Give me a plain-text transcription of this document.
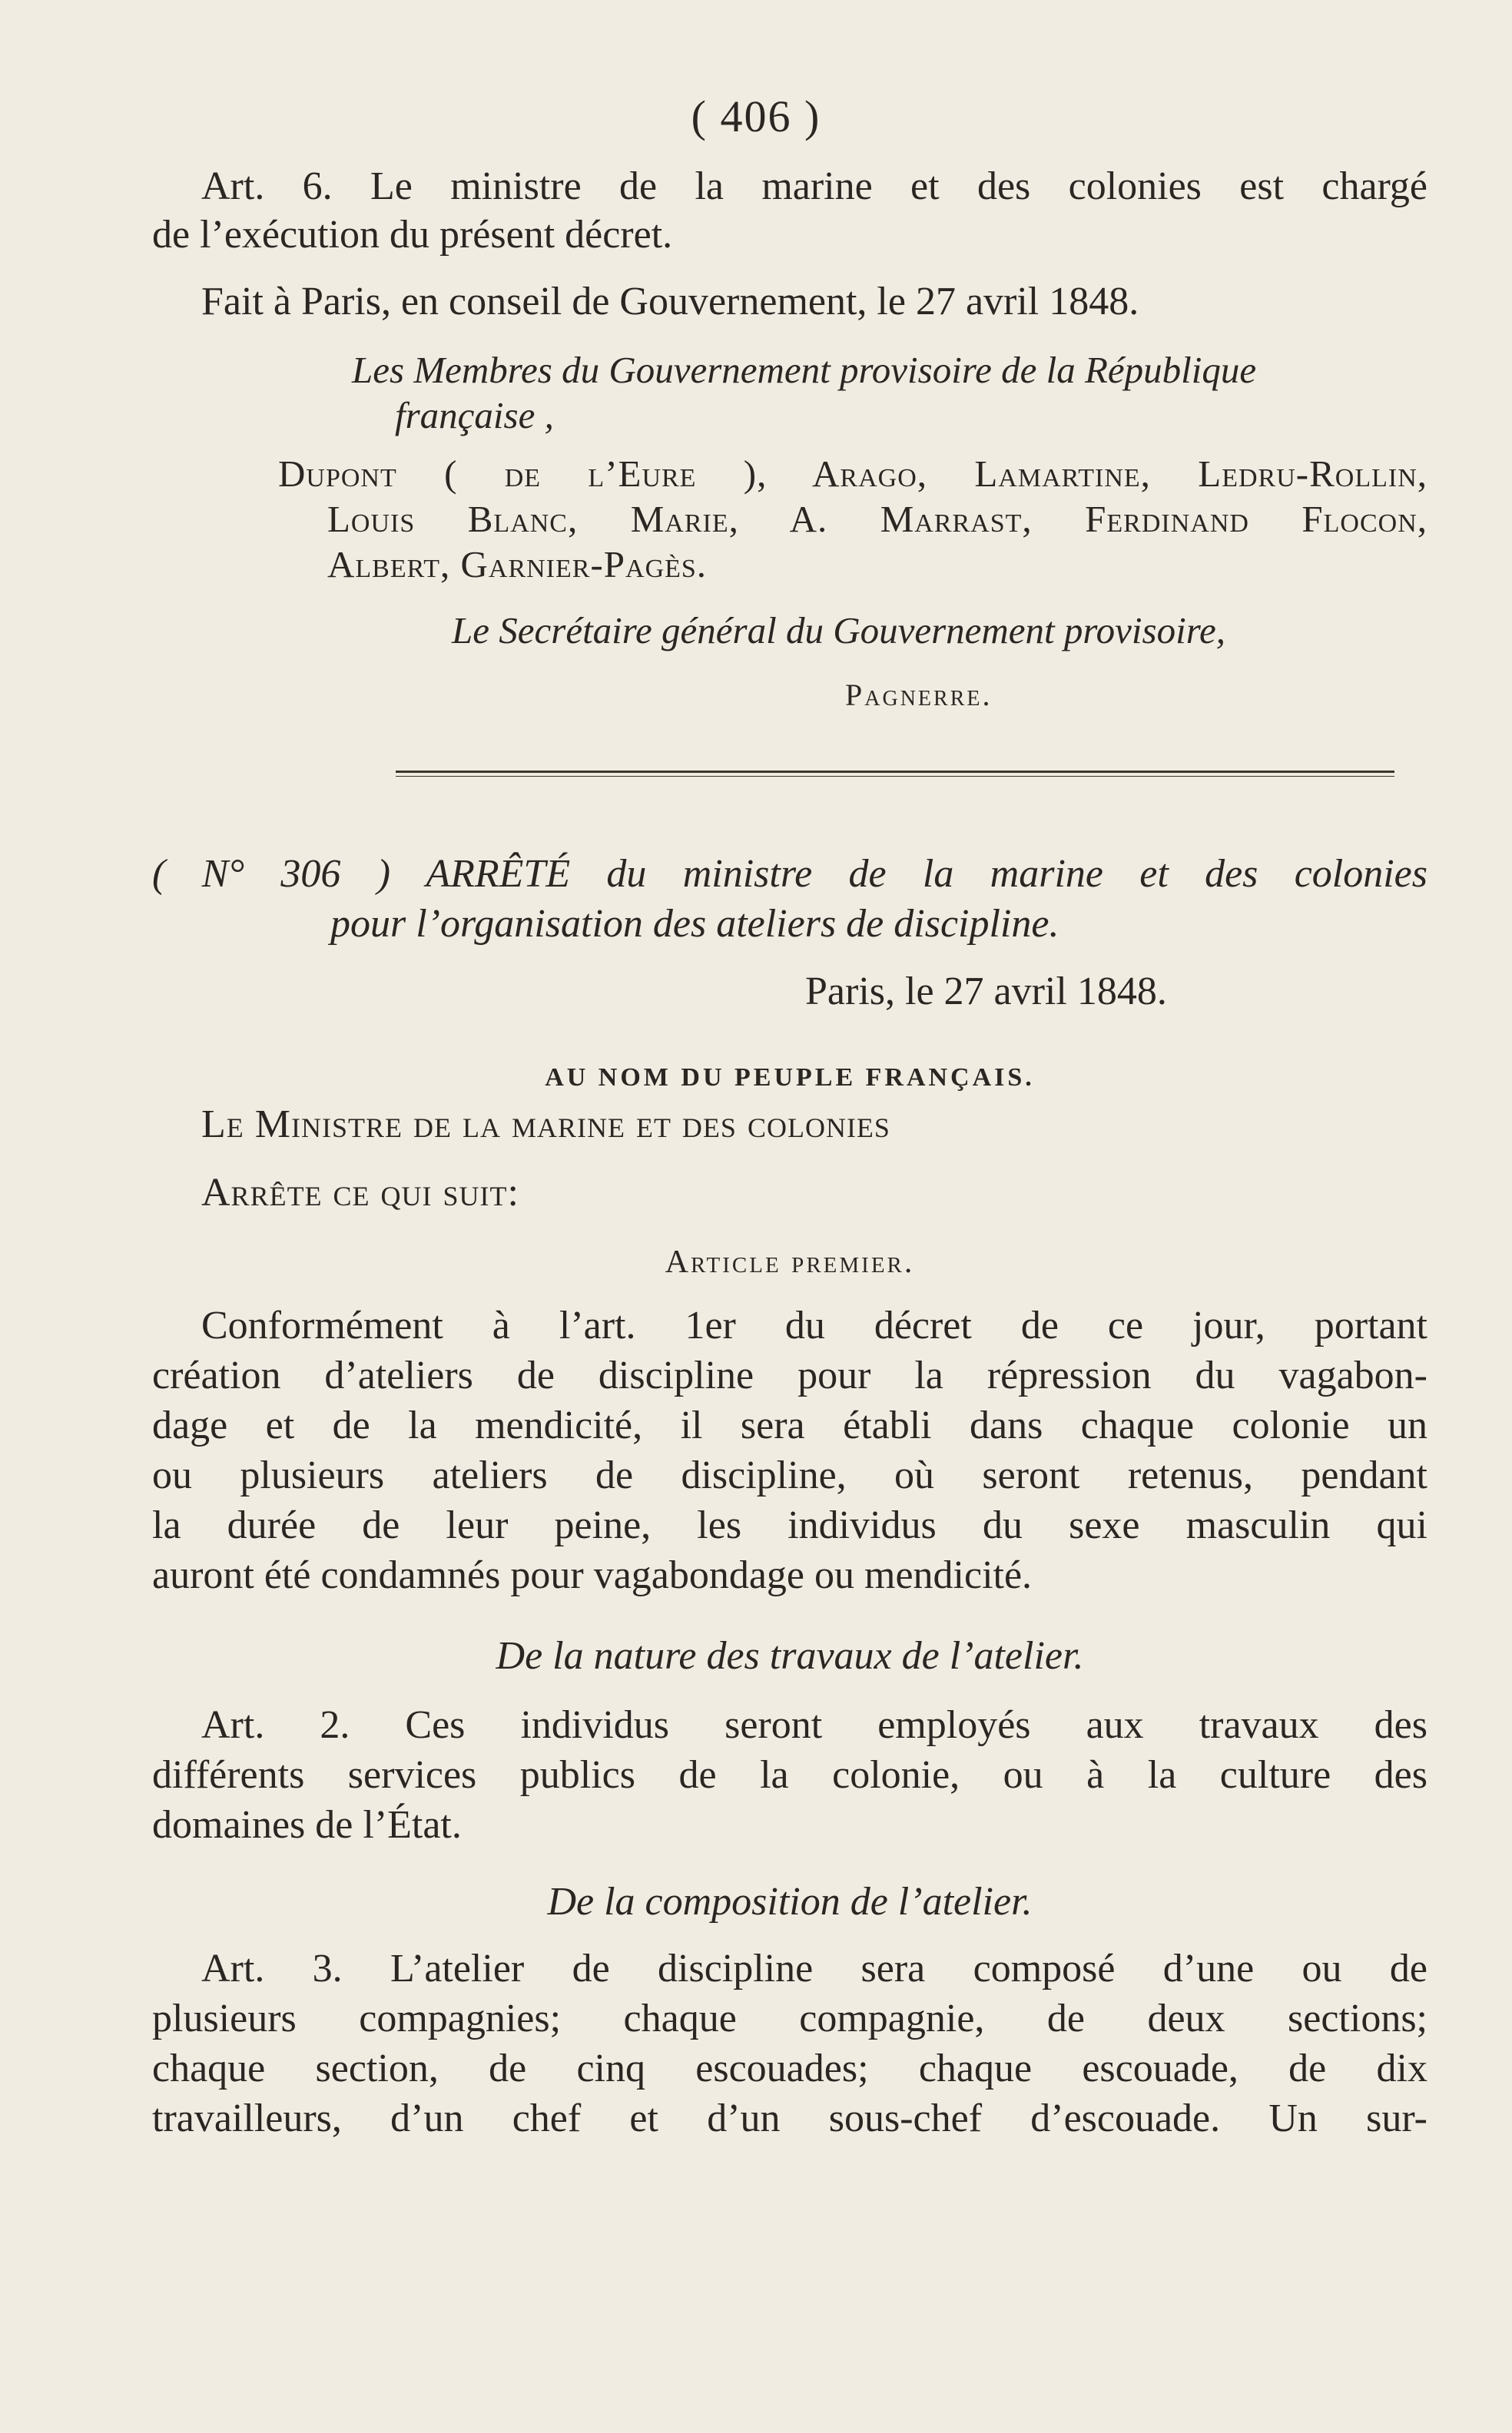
( 406 )
Art. 6. Le ministre de la marine et des colonies est chargé
de l’exécution du présent décret.
Fait à Paris, en conseil de Gouvernement, le 27 avril 1848.
Les Membres du Gouvernement provisoire de la République
française ,
Dupont ( de l’Eure ), Arago, Lamartine, Ledru-Rollin,
Louis Blanc, Marie, A. Marrast, Ferdinand Flocon,
Albert, Garnier-Pagès.
Le Secrétaire général du Gouvernement provisoire,
Pagnerre.
( N° 306 ) ARRÊTÉ du ministre de la marine et des colonies
pour l’organisation des ateliers de discipline.
Paris, le 27 avril 1848.
AU NOM DU PEUPLE FRANÇAIS.
Le Ministre de la marine et des colonies
Arrête ce qui suit:
Article premier.
Conformément à l’art. 1er du décret de ce jour, portant
création d’ateliers de discipline pour la répression du vagabon-
dage et de la mendicité, il sera établi dans chaque colonie un
ou plusieurs ateliers de discipline, où seront retenus, pendant
la durée de leur peine, les individus du sexe masculin qui
auront été condamnés pour vagabondage ou mendicité.
De la nature des travaux de l’atelier.
Art. 2. Ces individus seront employés aux travaux des
différents services publics de la colonie, ou à la culture des
domaines de l’État.
De la composition de l’atelier.
Art. 3. L’atelier de discipline sera composé d’une ou de
plusieurs compagnies; chaque compagnie, de deux sections;
chaque section, de cinq escouades; chaque escouade, de dix
travailleurs, d’un chef et d’un sous-chef d’escouade. Un sur-
